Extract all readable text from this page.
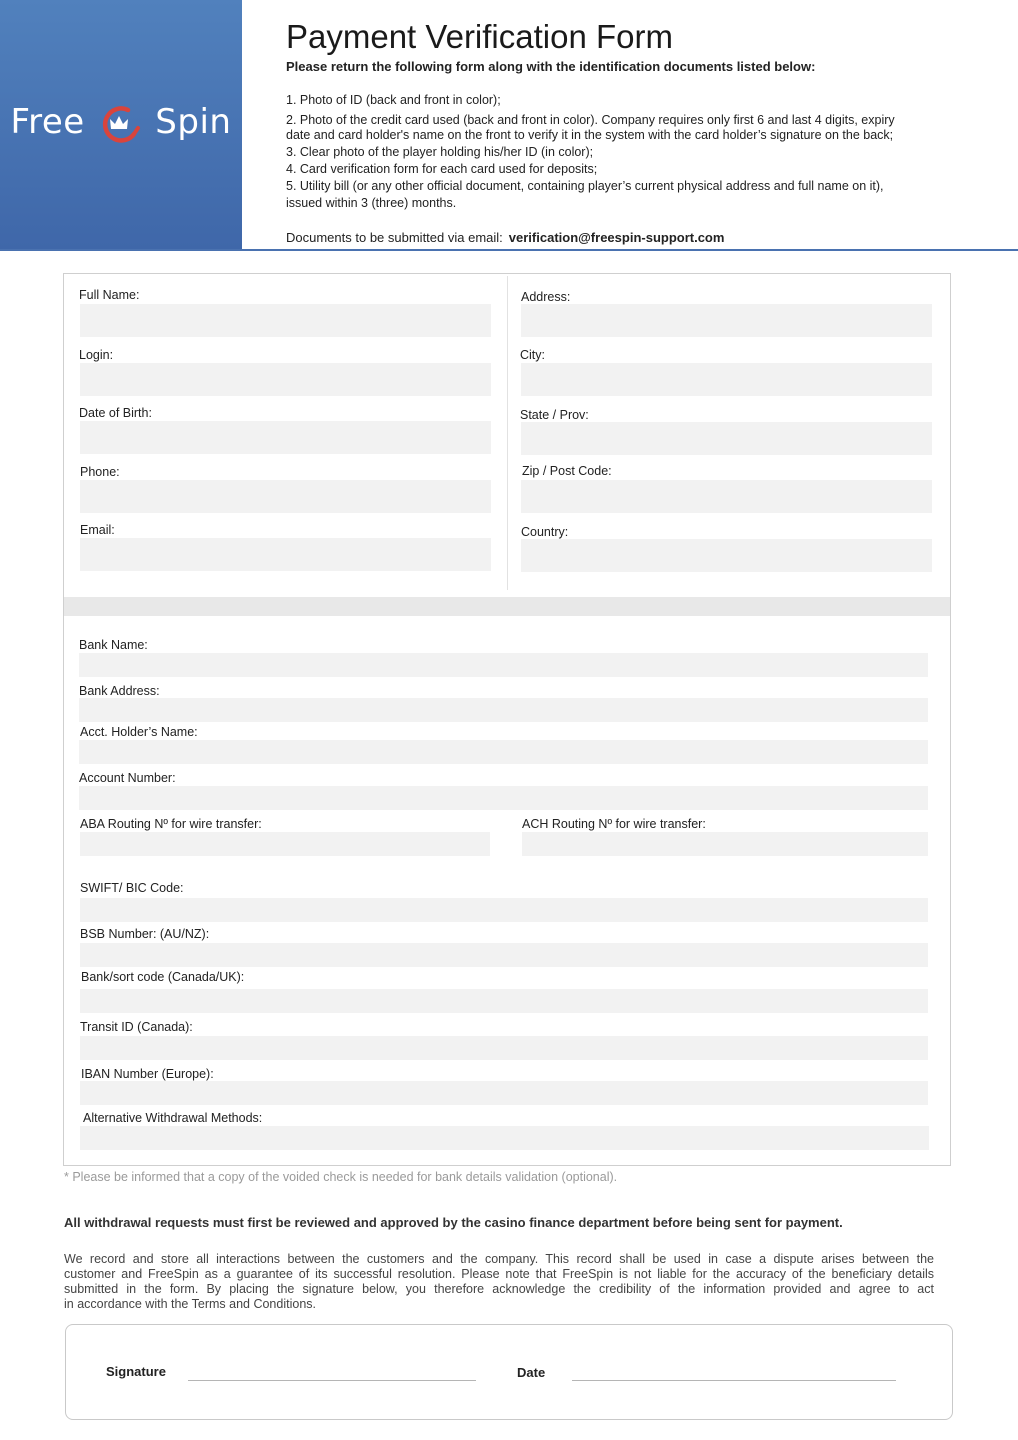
Free Spin
Payment Verification Form
Please return the following form along with the identification documents listed below:
1. Photo of ID (back and front in color);
2. Photo of the credit card used (back and front in color). Company requires only first 6 and last 4 digits, expiry
date and card holder's name on the front to verify it in the system with the card holder’s signature on the back;
3. Clear photo of the player holding his/her ID (in color);
4. Card verification form for each card used for deposits;
5. Utility bill (or any other official document, containing player’s current physical address and full name on it),
issued within 3 (three) months.
Documents to be submitted via email: verification@freespin-support.com
Full Name:
Login:
Date of Birth:
Phone:
Email:
Address:
City:
State / Prov:
Zip / Post Code:
Country:
Bank Name:
Bank Address:
Acct. Holder’s Name:
Account Number:
ABA Routing Nº for wire transfer:	ACH Routing Nº for wire transfer:
SWIFT/ BIC Code:
BSB Number: (AU/NZ):
Bank/sort code (Canada/UK):
Transit ID (Canada):
IBAN Number (Europe):
Alternative Withdrawal Methods:
* Please be informed that a copy of the voided check is needed for bank details validation (optional).
All withdrawal requests must first be reviewed and approved by the casino finance department before being sent for payment.
We record and store all interactions between the customers and the company. This record shall be used in case a dispute arises between the
customer and FreeSpin as a guarantee of its successful resolution. Please note that FreeSpin is not liable for the accuracy of the beneficiary details
submitted in the form. By placing the signature below, you therefore acknowledge the credibility of the information provided and agree to act
in accordance with the Terms and Conditions.
Signature	Date
